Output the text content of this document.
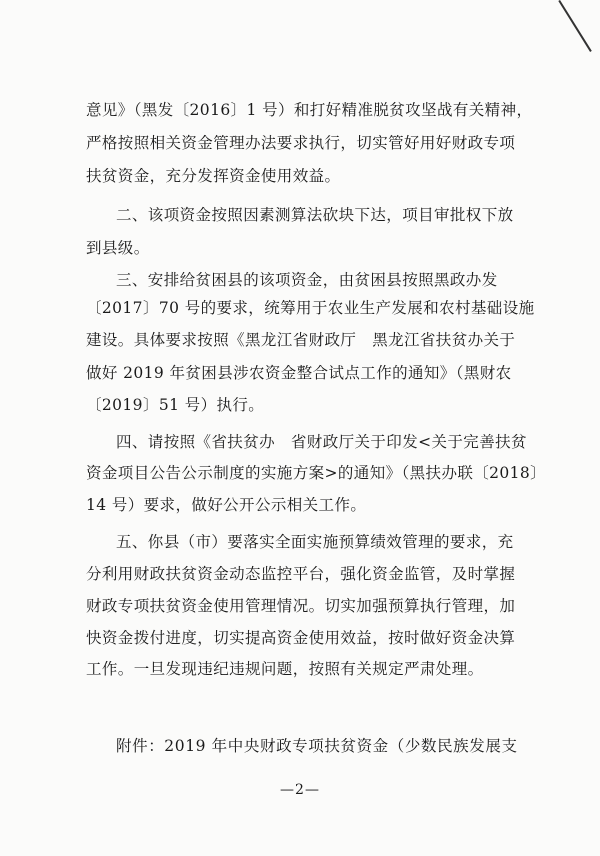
意见》（黑发〔2016〕1 号）和打好精准脱贫攻坚战有关精神，
严格按照相关资金管理办法要求执行，切实管好用好财政专项
扶贫资金，充分发挥资金使用效益。
二、该项资金按照因素测算法砍块下达，项目审批权下放
到县级。
三、安排给贫困县的该项资金，由贫困县按照黑政办发
〔2017〕70 号的要求，统筹用于农业生产发展和农村基础设施
建设。具体要求按照《黑龙江省财政厅　黑龙江省扶贫办关于
做好 2019 年贫困县涉农资金整合试点工作的通知》（黑财农
〔2019〕51 号）执行。
四、请按照《省扶贫办　省财政厅关于印发<关于完善扶贫
资金项目公告公示制度的实施方案>的通知》（黑扶办联〔2018〕
14 号）要求，做好公开公示相关工作。
五、你县（市）要落实全面实施预算绩效管理的要求，充
分利用财政扶贫资金动态监控平台，强化资金监管，及时掌握
财政专项扶贫资金使用管理情况。切实加强预算执行管理，加
快资金拨付进度，切实提高资金使用效益，按时做好资金决算
工作。一旦发现违纪违规问题，按照有关规定严肃处理。
附件：2019 年中央财政专项扶贫资金（少数民族发展支
—2—
